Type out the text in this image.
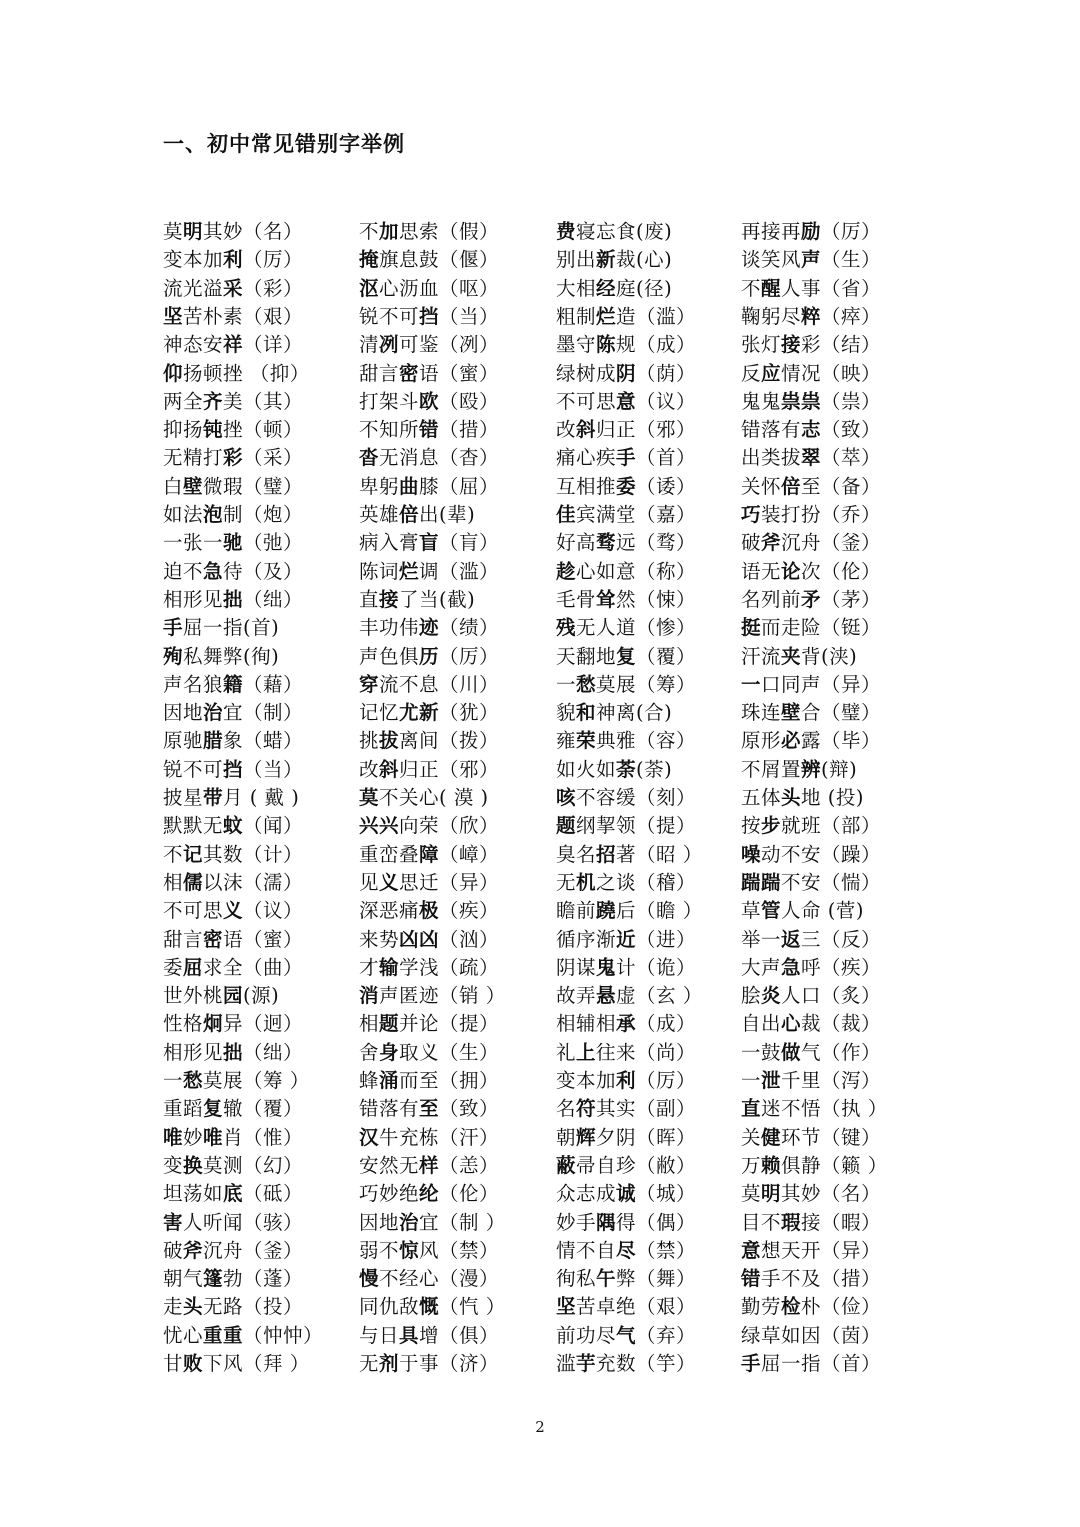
一、初中常见错别字举例
莫明其妙（名）	不加思索（假）	费寝忘食(废)	再接再励（厉）
变本加利（厉）	掩旗息鼓（偃）	别出新裁(心)	谈笑风声（生）
流光溢采（彩）	沤心沥血（呕）	大相经庭(径)	不醒人事（省）
坚苦朴素（艰）	锐不可挡（当）	粗制烂造（滥） 鞠躬尽粹（瘁）
神态安祥（详）	清冽可鉴（冽）	墨守陈规（成） 张灯接彩（结）
仰扬顿挫 （抑）	甜言密语（蜜）	绿树成阴（荫） 反应情况（映）
两全齐美（其）	打架斗欧（殴）	不可思意（议） 鬼鬼祟祟（祟）
抑扬钝挫（顿）	不知所错（措）	改斜归正（邪） 错落有志（致）
无精打彩（采）	沓无消息（杳）	痛心疾手（首） 出类拔翠（萃）
白壁微瑕（璧）	卑躬曲膝（屈）	互相推委（诿） 关怀倍至（备）
如法泡制（炮）	英雄倍出(辈)	佳宾满堂（嘉） 巧装打扮（乔）
一张一驰（弛）	病入膏盲（肓）	好高骛远（骛） 破斧沉舟（釜）
迫不急待（及）	陈词烂调（滥）	趁心如意（称） 语无论次（伦）
相形见拙（绌）	直接了当(截)	毛骨耸然（悚） 名列前矛（茅）
手屈一指(首)	丰功伟迹（绩）	残无人道（惨） 挺而走险（铤）
殉私舞弊(徇)	声色俱历（厉）	天翻地复（覆） 汗流夹背(浃)
声名狼籍（藉）	穿流不息（川）	一愁莫展（筹） 一口同声（异）
因地治宜（制）	记忆尤新（犹）	貌和神离(合)	珠连壁合（璧）
原驰腊象（蜡）	挑拔离间（拨）	雍荣典雅（容） 原形必露（毕）
锐不可挡（当）	改斜归正（邪）	如火如荼(荼)	不屑置辨(辩)
披星带月 ( 戴 )	莫不关心( 漠 )	咳不容缓（刻） 五体头地 (投)
默默无蚊（闻）	兴兴向荣（欣）	题纲挈领（提） 按步就班（部）
不记其数（计）	重峦叠障（嶂）	臭名招著（昭 ） 噪动不安（躁）
相儒以沫（濡）	见义思迁（异）	无机之谈（稽） 踹踹不安（惴）
不可思义（议）	深恶痛极（疾）	瞻前蹺后（瞻 ） 草管人命 (菅)
甜言密语（蜜）	来势凶凶（汹）	循序渐近（进） 举一返三（反）
委屈求全（曲）	才输学浅（疏）	阴谋鬼计（诡） 大声急呼（疾）
世外桃园(源)	消声匿迹（销 ）	故弄悬虚（玄 ） 脍炎人口（炙）
性格炯异（迥）	相题并论（提）	相辅相承（成） 自出心裁（裁）
相形见拙（绌）	舍身取义（生）	礼上往来（尚） 一鼓做气（作）
一愁莫展（筹 ）	蜂涌而至（拥）	变本加利（厉） 一泄千里（泻）
重蹈复辙（覆）	错落有至（致）	名符其实（副） 直迷不悟（执 ）
唯妙唯肖（惟）	汉牛充栋（汗）	朝辉夕阴（晖） 关健环节（键）
变换莫测（幻）	安然无样（恙）	蔽帚自珍（敝） 万赖俱静（籁 ）
坦荡如底（砥）	巧妙绝纶（伦）	众志成诚（城） 莫明其妙（名）
害人听闻（骇）	因地治宜（制 ）	妙手隅得（偶） 目不瑕接（暇）
破斧沉舟（釜）	弱不惊风（禁）	情不自尽（禁） 意想天开（异）
朝气篷勃（蓬）	慢不经心（漫）	徇私午弊（舞） 错手不及（措）
走头无路（投）	同仇敌慨（忾 ）	坚苦卓绝（艰） 勤劳检朴（俭）
忧心重重（忡忡） 与日具增（俱）	前功尽气（弃） 绿草如因（茵）
甘败下风（拜 ）	无剂于事（济）	滥芋充数（竽） 手屈一指（首）
2
